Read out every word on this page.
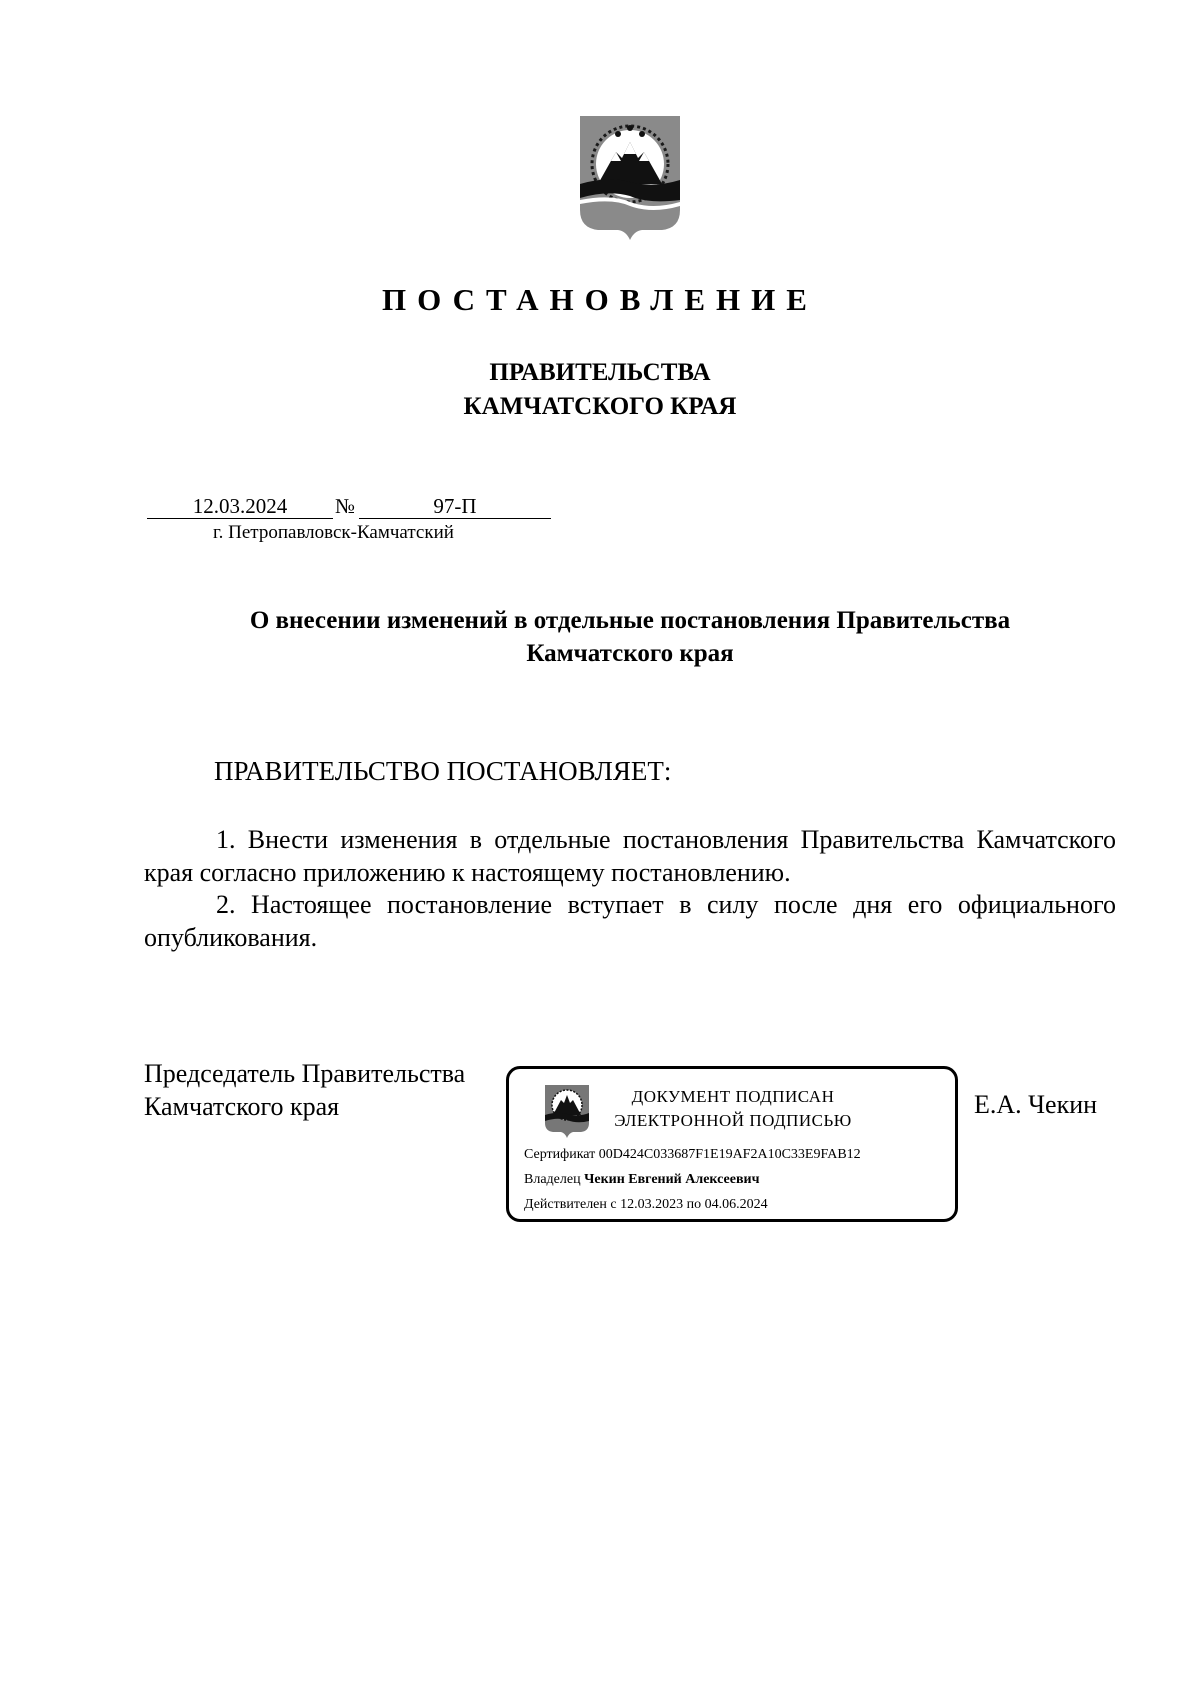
ПОСТАНОВЛЕНИЕ
ПРАВИТЕЛЬСТВА
КАМЧАТСКОГО КРАЯ
12.03.2024	№	97-П
г. Петропавловск-Камчатский
О внесении изменений в отдельные постановления Правительства
Камчатского края
ПРАВИТЕЛЬСТВО ПОСТАНОВЛЯЕТ:
1. Внести изменения в отдельные постановления Правительства Камчатского края согласно приложению к настоящему постановлению.
2. Настоящее постановление вступает в силу после дня его официального опубликования.
Председатель Правительства
Камчатского края	ДОКУМЕНТ ПОДПИСАН
ЭЛЕКТРОННОЙ ПОДПИСЬЮ
Сертификат 00D424C033687F1E19AF2A10C33E9FAB12
Владелец Чекин Евгений Алексеевич
Действителен с 12.03.2023 по 04.06.2024
Е.А. Чекин
